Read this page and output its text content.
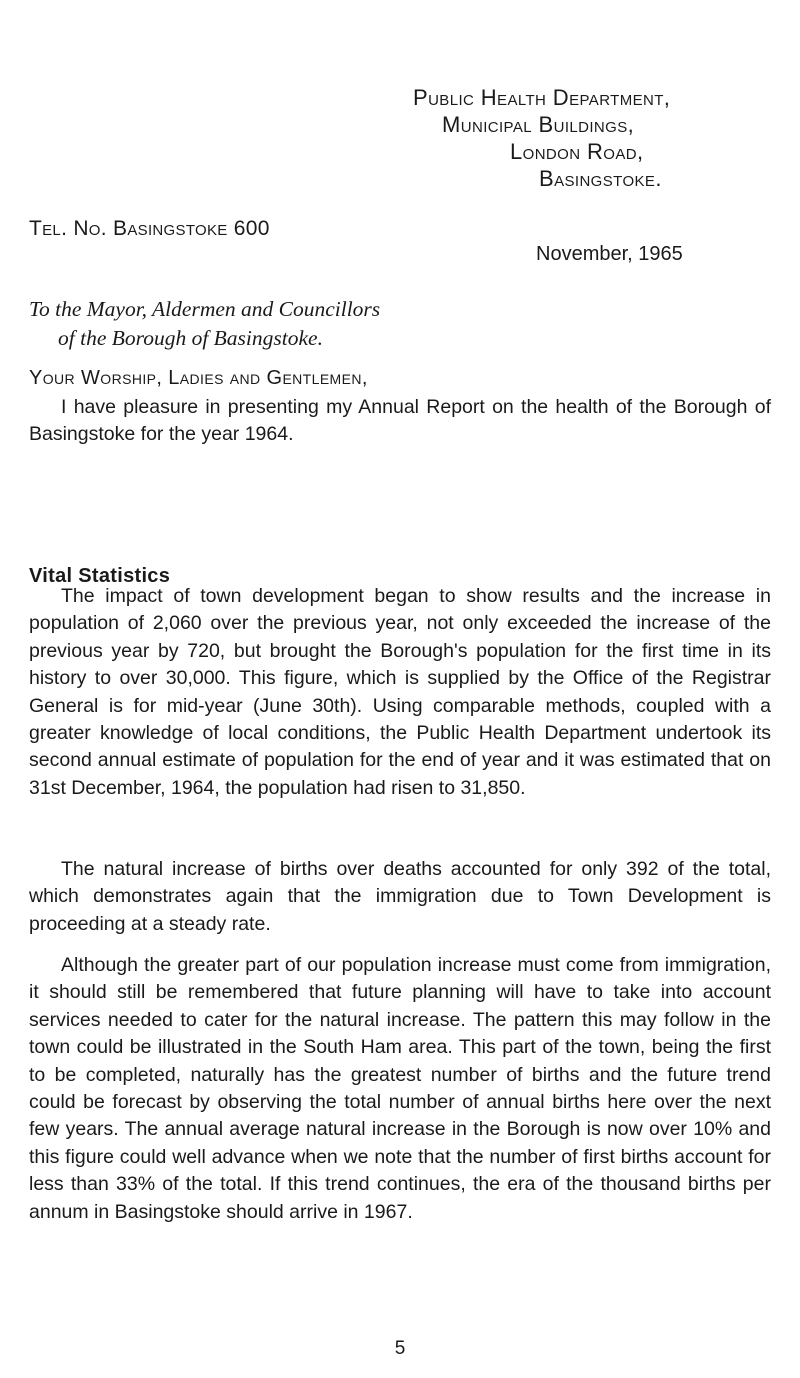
Public Health Department,
Municipal Buildings,
London Road,
Basingstoke.
Tel. No. Basingstoke 600
November, 1965
To the Mayor, Aldermen and Councillors
of the Borough of Basingstoke.
Your Worship, Ladies and Gentlemen,

I have pleasure in presenting my Annual Report on the health of the Borough of Basingstoke for the year 1964.

Vital Statistics

The impact of town development began to show results and the increase in population of 2,060 over the previous year, not only exceeded the increase of the previous year by 720, but brought the Borough's population for the first time in its history to over 30,000. This figure, which is supplied by the Office of the Registrar General is for mid-year (June 30th). Using comparable methods, coupled with a greater knowledge of local conditions, the Public Health Department undertook its second annual estimate of population for the end of year and it was estimated that on 31st December, 1964, the population had risen to 31,850.

The natural increase of births over deaths accounted for only 392 of the total, which demonstrates again that the immigration due to Town Development is proceeding at a steady rate.

Although the greater part of our population increase must come from immigration, it should still be remembered that future planning will have to take into account services needed to cater for the natural increase. The pattern this may follow in the town could be illustrated in the South Ham area. This part of the town, being the first to be completed, naturally has the greatest number of births and the future trend could be forecast by observing the total number of annual births here over the next few years. The annual average natural increase in the Borough is now over 10% and this figure could well advance when we note that the number of first births account for less than 33% of the total. If this trend continues, the era of the thousand births per annum in Basingstoke should arrive in 1967.

5
